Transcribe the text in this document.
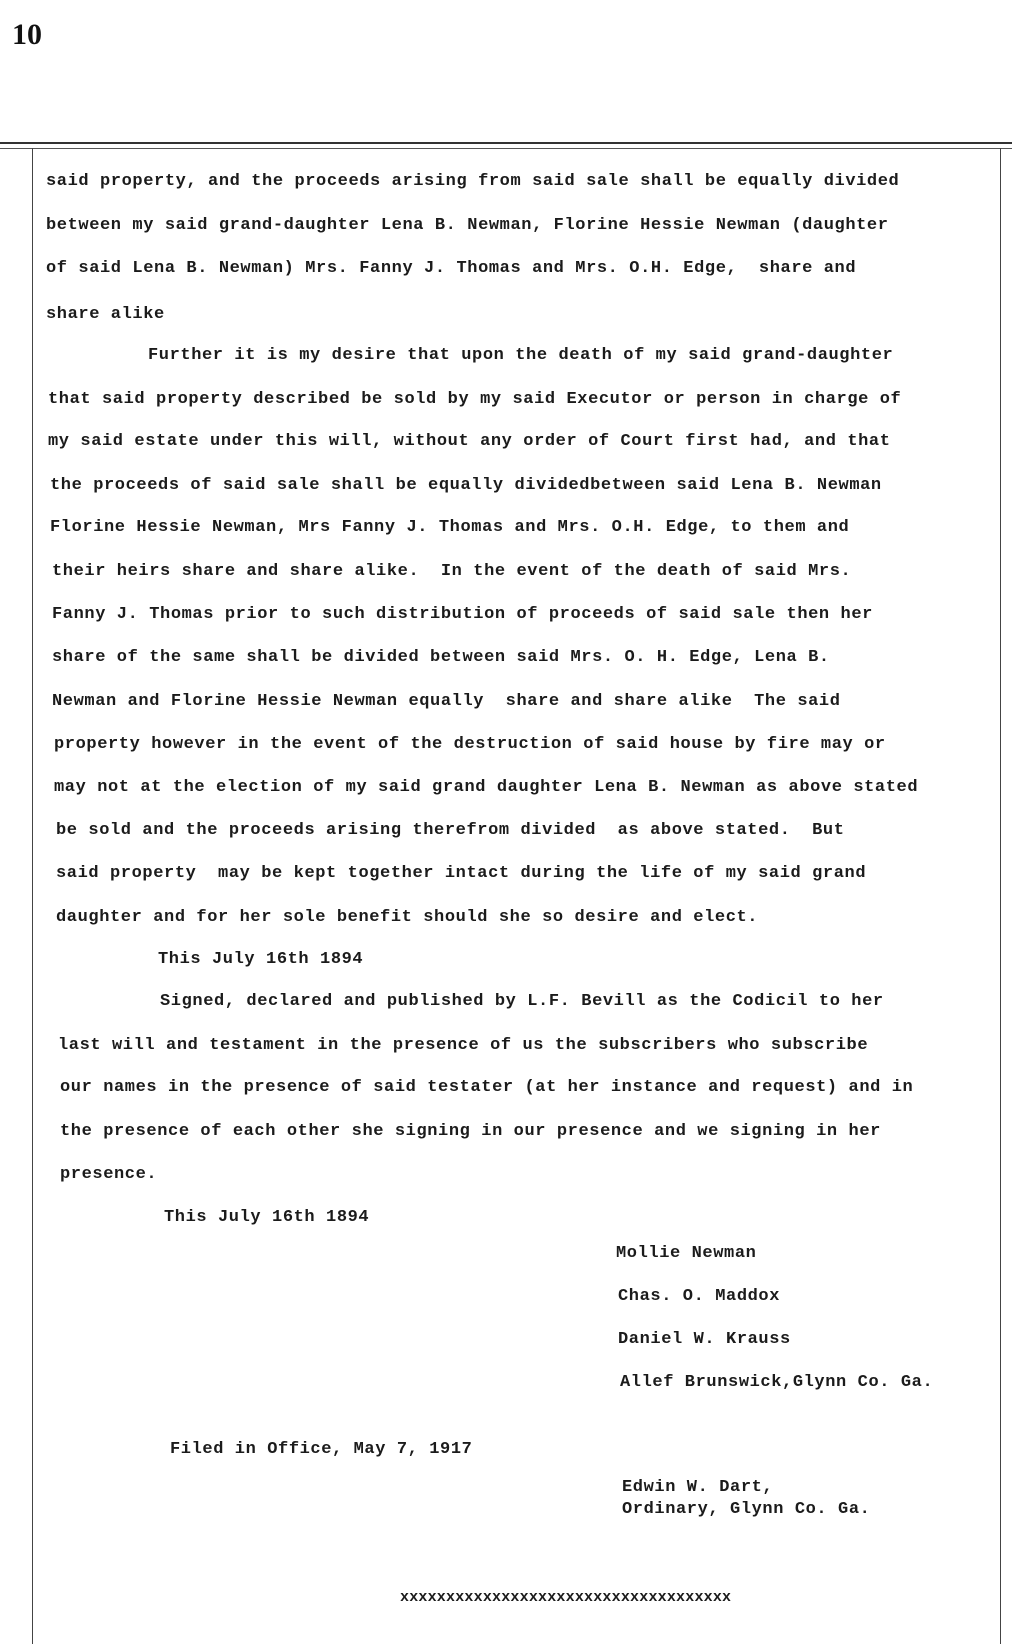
10
said property, and the proceeds arising from said sale shall be equally divided
between my said grand-daughter Lena B. Newman, Florine Hessie Newman (daughter
of said Lena B. Newman) Mrs. Fanny J. Thomas and Mrs. O.H. Edge,  share and
share alike
Further it is my desire that upon the death of my said grand-daughter
that said property described be sold by my said Executor or person in charge of
my said estate under this will, without any order of Court first had, and that
the proceeds of said sale shall be equally dividedbetween said Lena B. Newman
Florine Hessie Newman, Mrs Fanny J. Thomas and Mrs. O.H. Edge, to them and
their heirs share and share alike.  In the event of the death of said Mrs.
Fanny J. Thomas prior to such distribution of proceeds of said sale then her
share of the same shall be divided between said Mrs. O. H. Edge, Lena B.
Newman and Florine Hessie Newman equally  share and share alike  The said
property however in the event of the destruction of said house by fire may or
may not at the election of my said grand daughter Lena B. Newman as above stated
be sold and the proceeds arising therefrom divided  as above stated.  But
said property  may be kept together intact during the life of my said grand
daughter and for her sole benefit should she so desire and elect.
This July 16th 1894
Signed, declared and published by L.F. Bevill as the Codicil to her
last will and testament in the presence of us the subscribers who subscribe
our names in the presence of said testater (at her instance and request) and in
the presence of each other she signing in our presence and we signing in her
presence.
This July 16th 1894
Mollie Newman
Chas. O. Maddox
Daniel W. Krauss
Allef Brunswick,Glynn Co. Ga.
Filed in Office, May 7, 1917
Edwin W. Dart,
Ordinary, Glynn Co. Ga.
xxxxxxxxxxxxxxxxxxxxxxxxxxxxxxxxxxxx
